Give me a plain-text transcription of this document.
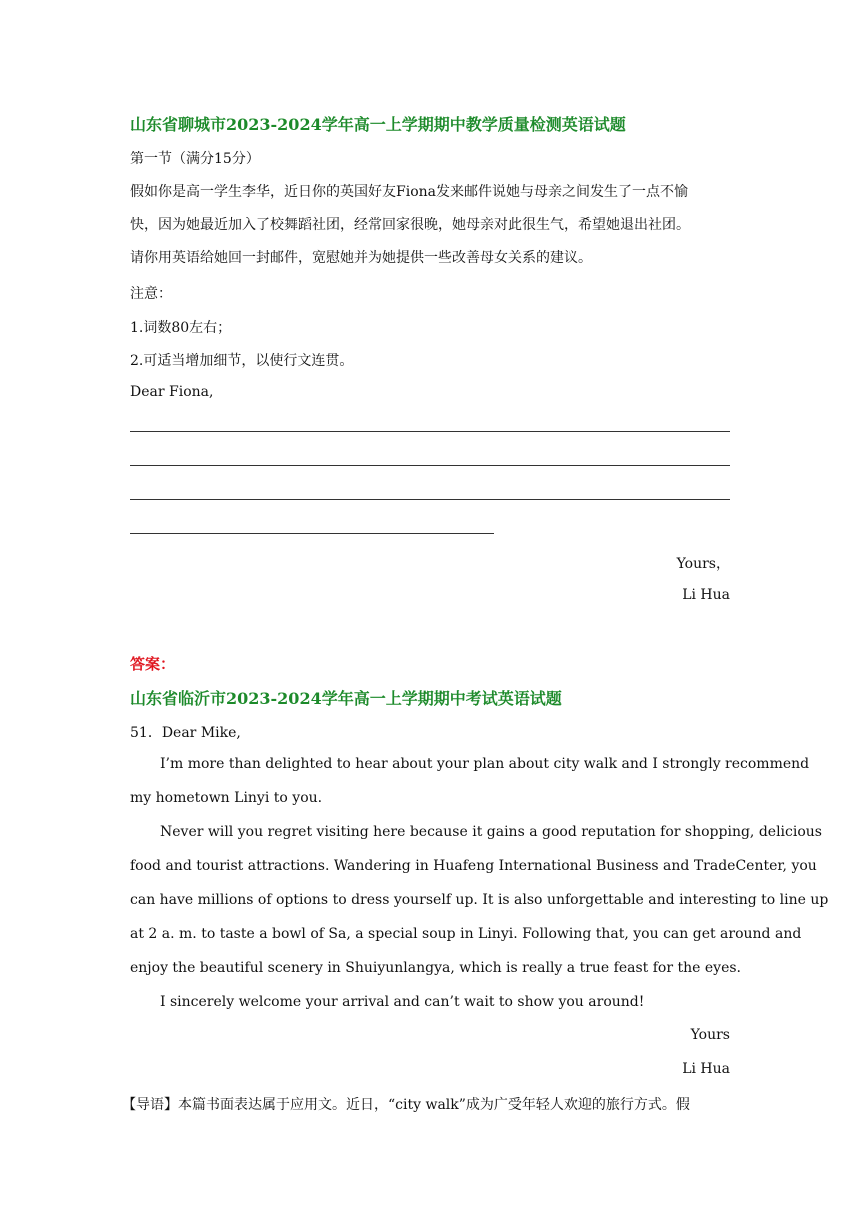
山东省聊城市2023-2024学年高一上学期期中教学质量检测英语试题
第一节（满分15分）
假如你是高一学生李华，近日你的英国好友Fiona发来邮件说她与母亲之间发生了一点不愉
快，因为她最近加入了校舞蹈社团，经常回家很晚，她母亲对此很生气，希望她退出社团。
请你用英语给她回一封邮件，宽慰她并为她提供一些改善母女关系的建议。
注意：
1.词数80左右；
2.可适当增加细节，以使行文连贯。
Dear Fiona,
Yours，
Li Hua
答案：
山东省临沂市2023-2024学年高一上学期期中考试英语试题
51．Dear Mike,
I’m more than delighted to hear about your plan about city walk and I strongly recommend
my hometown Linyi to you.
Never will you regret visiting here because it gains a good reputation for shopping, delicious
food and tourist attractions. Wandering in Huafeng International Business and TradeCenter, you
can have millions of options to dress yourself up. It is also unforgettable and interesting to line up
at 2 a. m. to taste a bowl of Sa, a special soup in Linyi. Following that, you can get around and
enjoy the beautiful scenery in Shuiyunlangya, which is really a true feast for the eyes.
I sincerely welcome your arrival and can’t wait to show you around!
Yours
Li Hua
【导语】本篇书面表达属于应用文。近日，“city walk”成为广受年轻人欢迎的旅行方式。假
